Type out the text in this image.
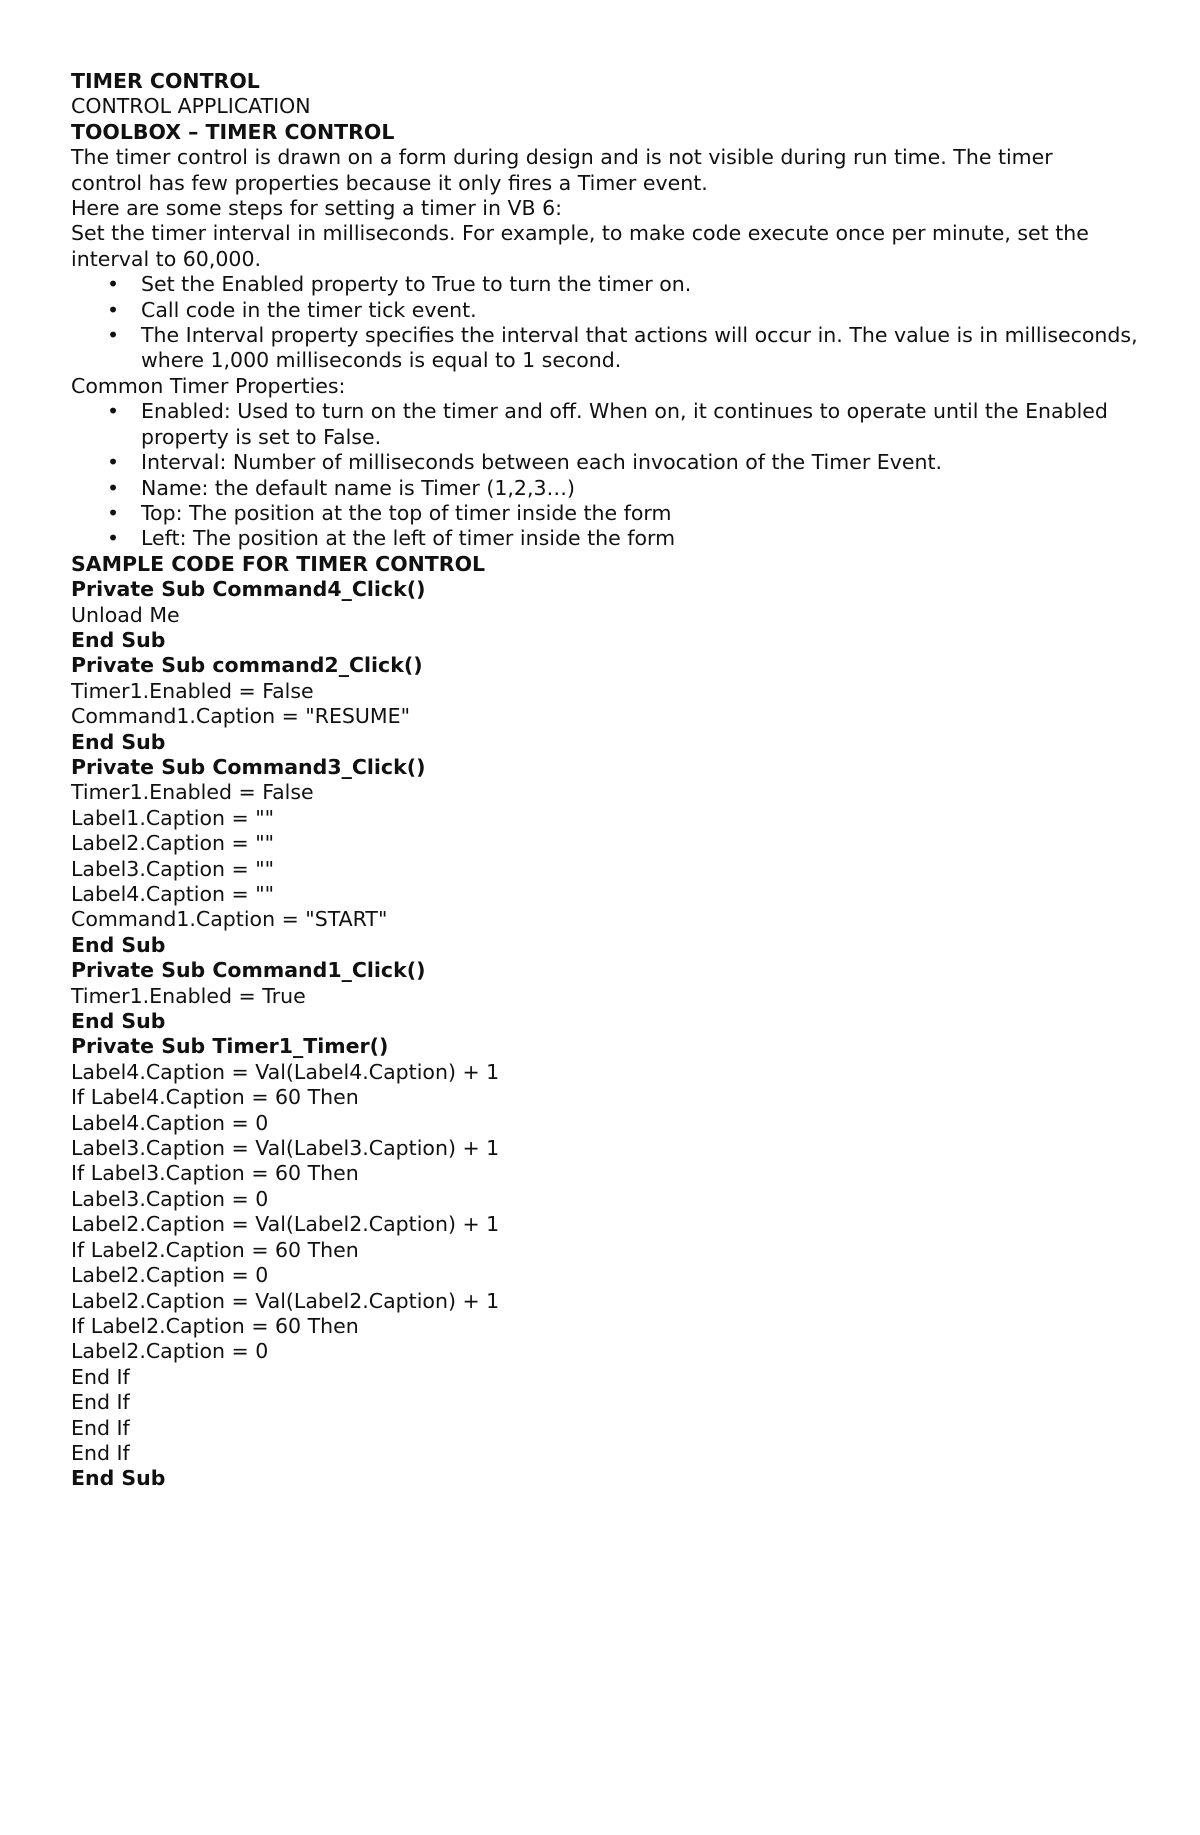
TIMER CONTROL

CONTROL APPLICATION

TOOLBOX – TIMER CONTROL

The timer control is drawn on a form during design and is not visible during run time. The timer control has few properties because it only fires a Timer event.

Here are some steps for setting a timer in VB 6:

Set the timer interval in milliseconds. For example, to make code execute once per minute, set the interval to 60,000.

• Set the Enabled property to True to turn the timer on.
• Call code in the timer tick event.
• The Interval property specifies the interval that actions will occur in. The value is in milliseconds, where 1,000 milliseconds is equal to 1 second.

Common Timer Properties:

• Enabled: Used to turn on the timer and off. When on, it continues to operate until the Enabled property is set to False.
• Interval: Number of milliseconds between each invocation of the Timer Event.
• Name: the default name is Timer (1,2,3…)
• Top: The position at the top of timer inside the form
• Left: The position at the left of timer inside the form

SAMPLE CODE FOR TIMER CONTROL

Private Sub Command4_Click()

Unload Me

End Sub

Private Sub command2_Click()

Timer1.Enabled = False

Command1.Caption = "RESUME"

End Sub

Private Sub Command3_Click()

Timer1.Enabled = False

Label1.Caption = ""

Label2.Caption = ""

Label3.Caption = ""

Label4.Caption = ""

Command1.Caption = "START"

End Sub

Private Sub Command1_Click()

Timer1.Enabled = True

End Sub

Private Sub Timer1_Timer()

Label4.Caption = Val(Label4.Caption) + 1

If Label4.Caption = 60 Then

Label4.Caption = 0

Label3.Caption = Val(Label3.Caption) + 1

If Label3.Caption = 60 Then

Label3.Caption = 0

Label2.Caption = Val(Label2.Caption) + 1

If Label2.Caption = 60 Then

Label2.Caption = 0

Label2.Caption = Val(Label2.Caption) + 1

If Label2.Caption = 60 Then

Label2.Caption = 0

End If

End If

End If

End If

End Sub
